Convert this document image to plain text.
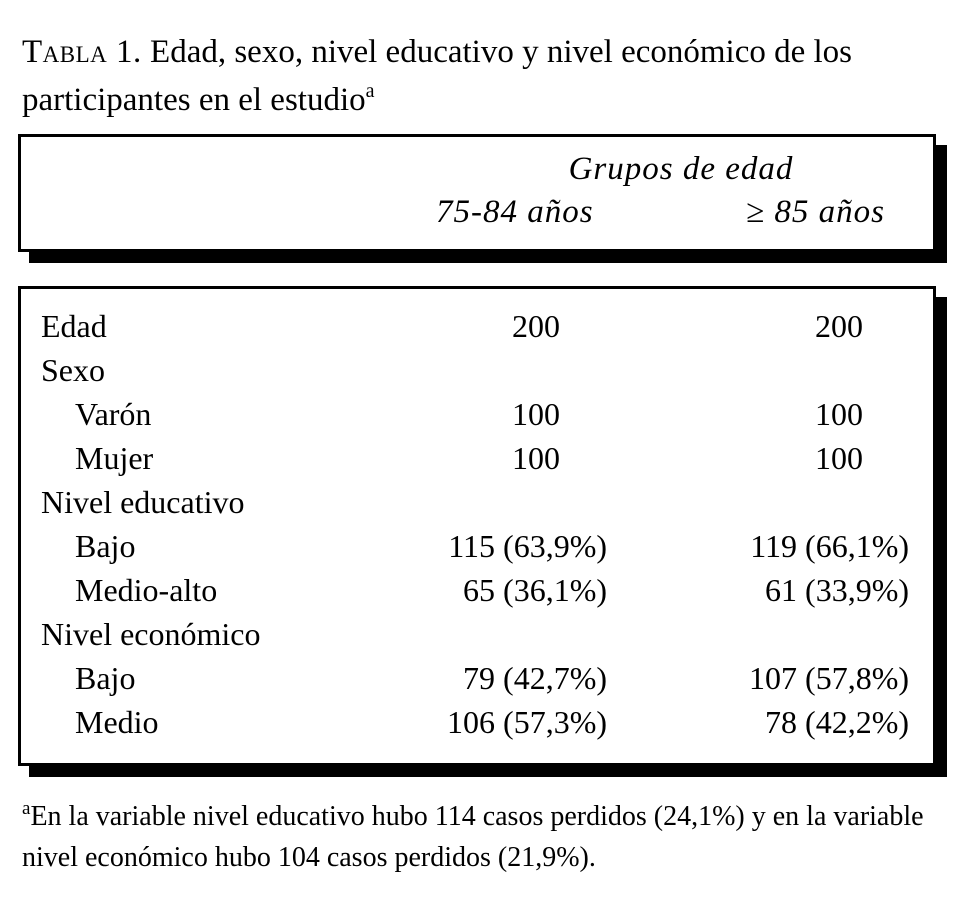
Tabla 1. Edad, sexo, nivel educativo y nivel económico de los participantes en el estudio$^a$
Grupos de edad
75-84 años	≥ 85 años
Edad	200	200
Sexo
Varón	100	100
Mujer	100	100
Nivel educativo
Bajo	115 (63,9%)	119 (66,1%)
Medio-alto	65 (36,1%)	61 (33,9%)
Nivel económico
Bajo	79 (42,7%)	107 (57,8%)
Medio	106 (57,3%)	78 (42,2%)
$^a$En la variable nivel educativo hubo 114 casos perdidos (24,1%) y en la variable nivel económico hubo 104 casos perdidos (21,9%).
